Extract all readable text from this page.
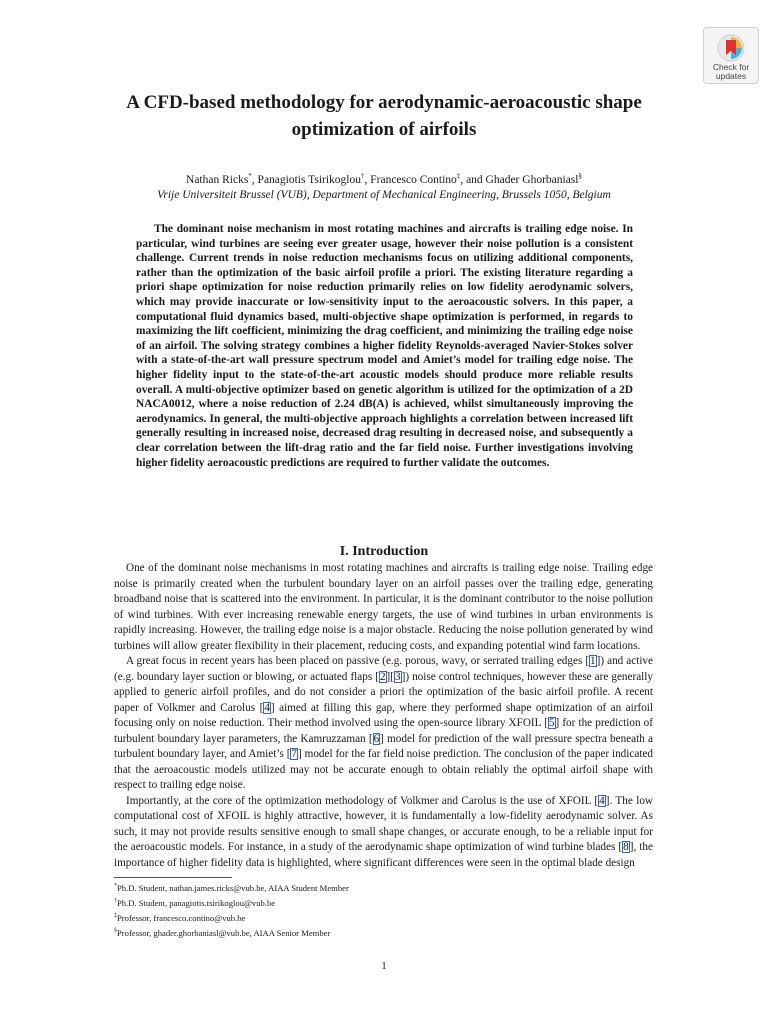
Check for
updates
A CFD-based methodology for aerodynamic-aeroacoustic shape optimization of airfoils
Nathan Ricks*, Panagiotis Tsirikoglou†, Francesco Contino‡, and Ghader Ghorbaniasl§
Vrije Universiteit Brussel (VUB), Department of Mechanical Engineering, Brussels 1050, Belgium

The dominant noise mechanism in most rotating machines and aircrafts is trailing edge noise. In particular, wind turbines are seeing ever greater usage, however their noise pollution is a consistent challenge. Current trends in noise reduction mechanisms focus on utilizing additional components, rather than the optimization of the basic airfoil profile a priori. The existing literature regarding a priori shape optimization for noise reduction primarily relies on low fidelity aerodynamic solvers, which may provide inaccurate or low-sensitivity input to the aeroacoustic solvers. In this paper, a computational fluid dynamics based, multi-objective shape optimization is performed, in regards to maximizing the lift coefficient, minimizing the drag coefficient, and minimizing the trailing edge noise of an airfoil. The solving strategy combines a higher fidelity Reynolds-averaged Navier-Stokes solver with a state-of-the-art wall pressure spectrum model and Amiet’s model for trailing edge noise. The higher fidelity input to the state-of-the-art acoustic models should produce more reliable results overall. A multi-objective optimizer based on genetic algorithm is utilized for the optimization of a 2D NACA0012, where a noise reduction of 2.24 dB(A) is achieved, whilst simultaneously improving the aerodynamics. In general, the multi-objective approach highlights a correlation between increased lift generally resulting in increased noise, decreased drag resulting in decreased noise, and subsequently a clear correlation between the lift-drag ratio and the far field noise. Further investigations involving higher fidelity aeroacoustic predictions are required to further validate the outcomes.

I. Introduction

One of the dominant noise mechanisms in most rotating machines and aircrafts is trailing edge noise. Trailing edge noise is primarily created when the turbulent boundary layer on an airfoil passes over the trailing edge, generating broadband noise that is scattered into the environment. In particular, it is the dominant contributor to the noise pollution of wind turbines. With ever increasing renewable energy targets, the use of wind turbines in urban environments is rapidly increasing. However, the trailing edge noise is a major obstacle. Reducing the noise pollution generated by wind turbines will allow greater flexibility in their placement, reducing costs, and expanding potential wind farm locations.

A great focus in recent years has been placed on passive (e.g. porous, wavy, or serrated trailing edges [1]) and active (e.g. boundary layer suction or blowing, or actuated flaps [2][3]) noise control techniques, however these are generally applied to generic airfoil profiles, and do not consider a priori the optimization of the basic airfoil profile. A recent paper of Volkmer and Carolus [4] aimed at filling this gap, where they performed shape optimization of an airfoil focusing only on noise reduction. Their method involved using the open-source library XFOIL [5] for the prediction of turbulent boundary layer parameters, the Kamruzzaman [6] model for prediction of the wall pressure spectra beneath a turbulent boundary layer, and Amiet’s [7] model for the far field noise prediction. The conclusion of the paper indicated that the aeroacoustic models utilized may not be accurate enough to obtain reliably the optimal airfoil shape with respect to trailing edge noise.

Importantly, at the core of the optimization methodology of Volkmer and Carolus is the use of XFOIL [4]. The low computational cost of XFOIL is highly attractive, however, it is fundamentally a low-fidelity aerodynamic solver. As such, it may not provide results sensitive enough to small shape changes, or accurate enough, to be a reliable input for the aeroacoustic models. For instance, in a study of the aerodynamic shape optimization of wind turbine blades [8], the importance of higher fidelity data is highlighted, where significant differences were seen in the optimal blade design

*Ph.D. Student, nathan.james.ricks@vub.be, AIAA Student Member
†Ph.D. Student, panagiotis.tsirikoglou@vub.be
‡Professor, francesco.contino@vub.be
§Professor, ghader.ghorbaniasl@vub.be, AIAA Senior Member
1
